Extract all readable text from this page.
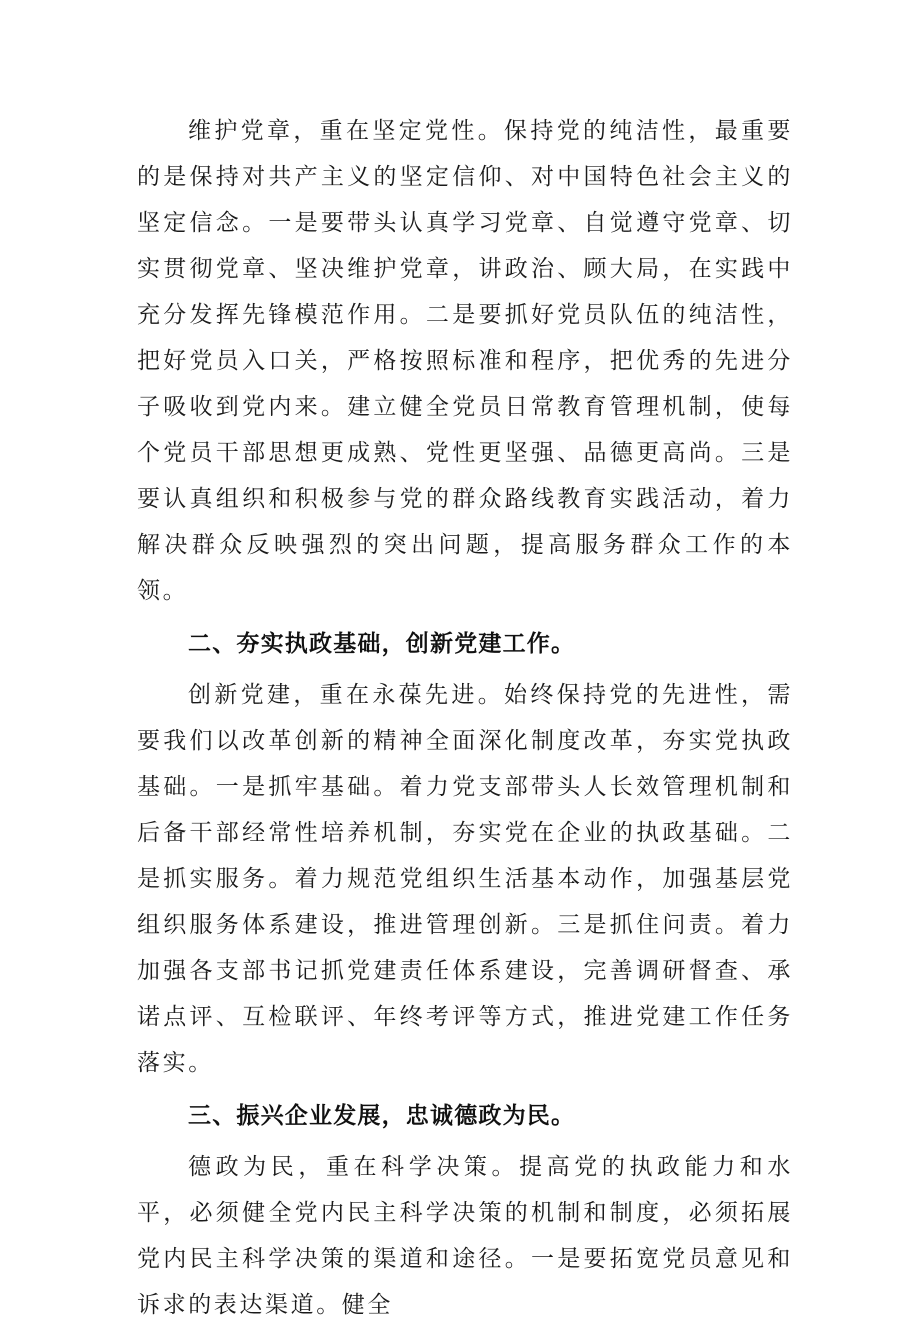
维护党章，重在坚定党性。保持党的纯洁性，最重要的是保持对共产主义的坚定信仰、对中国特色社会主义的坚定信念。一是要带头认真学习党章、自觉遵守党章、切实贯彻党章、坚决维护党章，讲政治、顾大局，在实践中充分发挥先锋模范作用。二是要抓好党员队伍的纯洁性，把好党员入口关，严格按照标准和程序，把优秀的先进分子吸收到党内来。建立健全党员日常教育管理机制，使每个党员干部思想更成熟、党性更坚强、品德更高尚。三是要认真组织和积极参与党的群众路线教育实践活动，着力解决群众反映强烈的突出问题，提高服务群众工作的本领。

二、夯实执政基础，创新党建工作。

创新党建，重在永葆先进。始终保持党的先进性，需要我们以改革创新的精神全面深化制度改革，夯实党执政基础。一是抓牢基础。着力党支部带头人长效管理机制和后备干部经常性培养机制，夯实党在企业的执政基础。二是抓实服务。着力规范党组织生活基本动作，加强基层党组织服务体系建设，推进管理创新。三是抓住问责。着力加强各支部书记抓党建责任体系建设，完善调研督查、承诺点评、互检联评、年终考评等方式，推进党建工作任务落实。

三、振兴企业发展，忠诚德政为民。

德政为民，重在科学决策。提高党的执政能力和水平，必须健全党内民主科学决策的机制和制度，必须拓展党内民主科学决策的渠道和途径。一是要拓宽党员意见和诉求的表达渠道。健全
